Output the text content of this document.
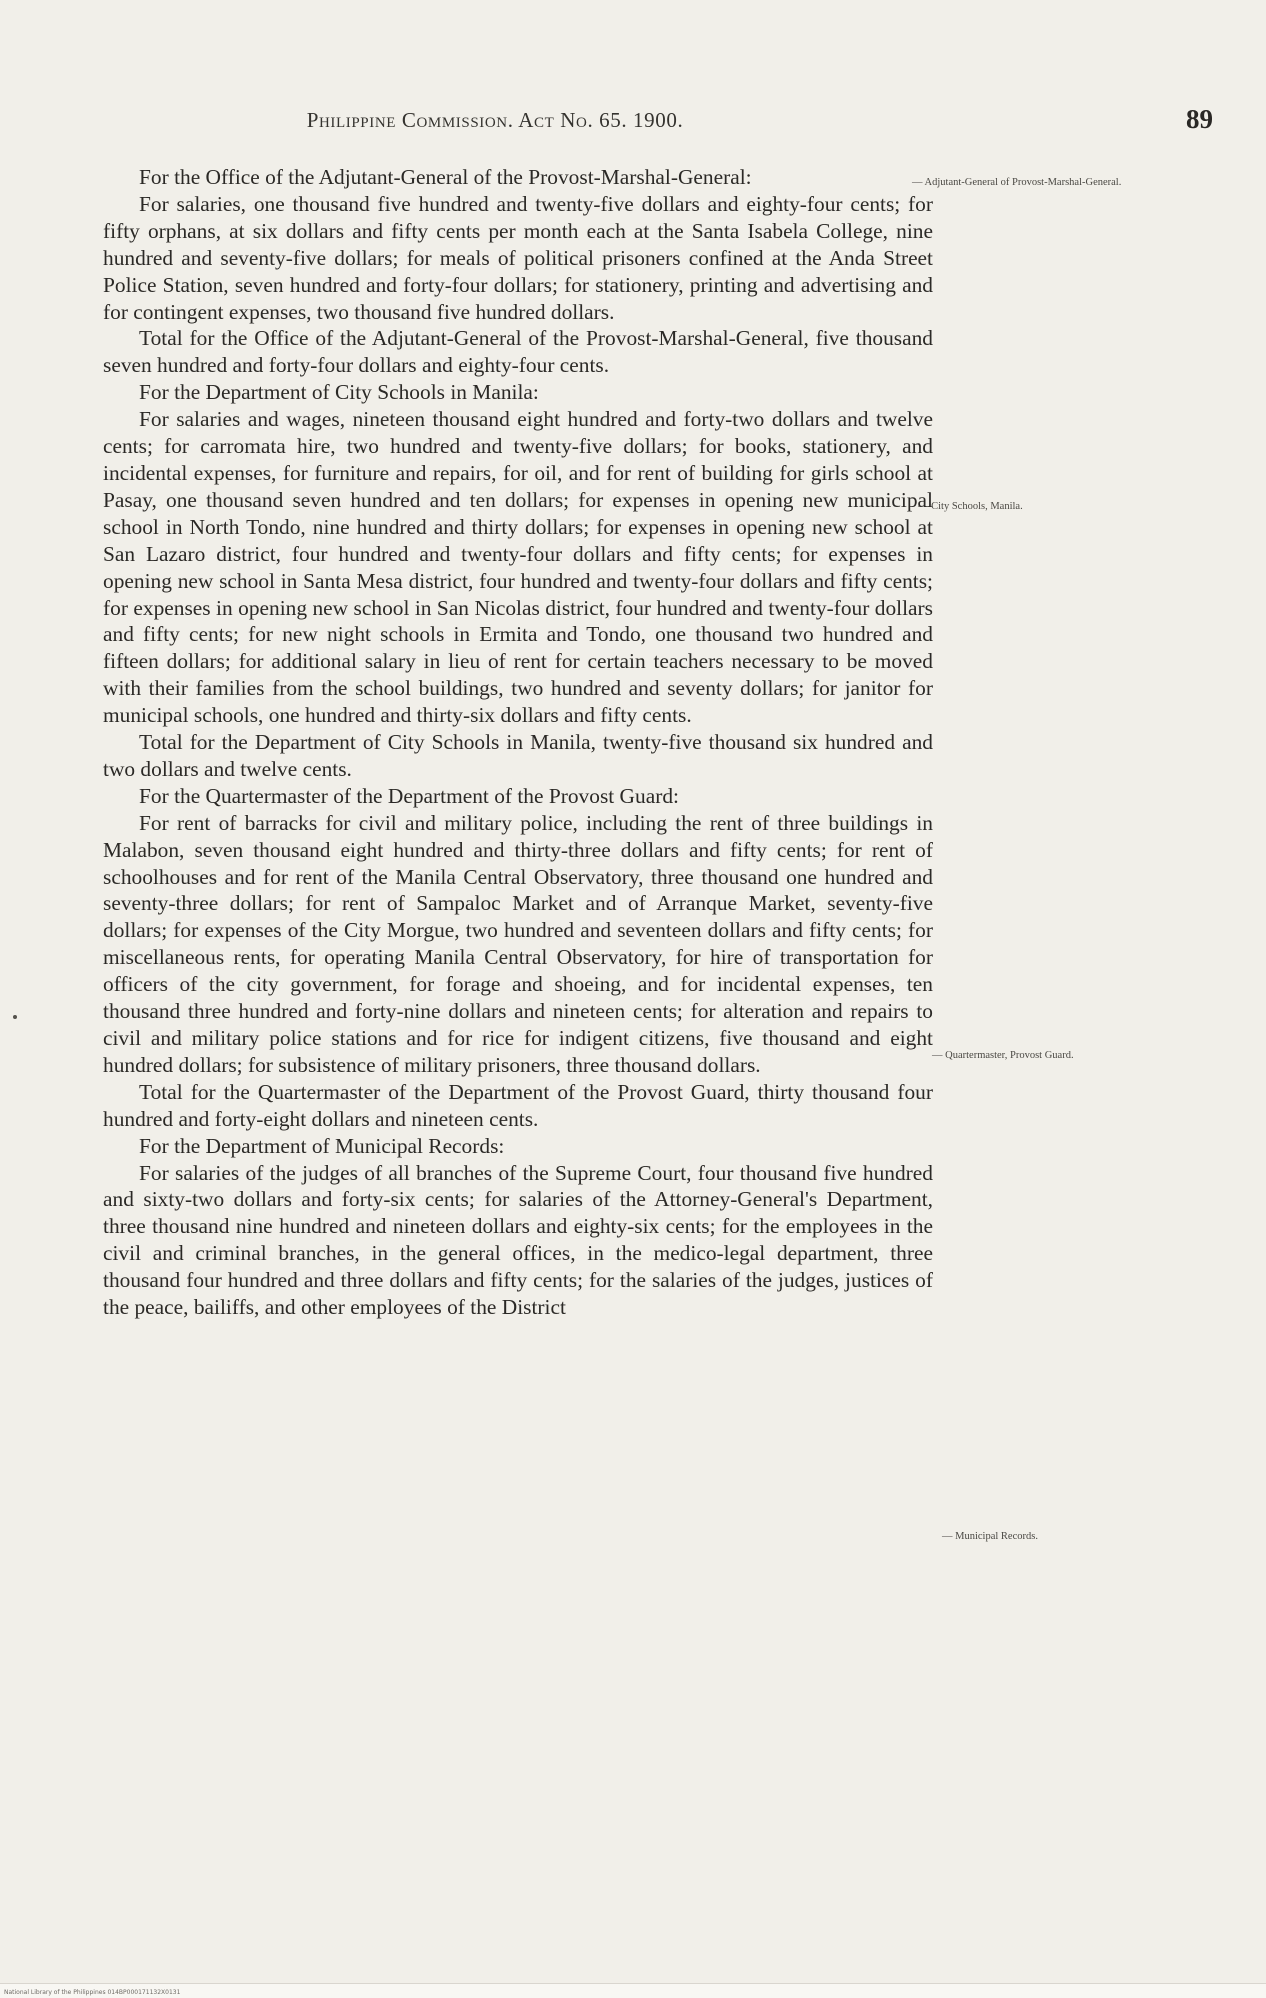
Philippine Commission. Act No. 65. 1900.	89
— Adjutant-General of Provost-Marshal-General.
— City Schools, Manila.
— Quartermaster, Provost Guard.
— Municipal Records.

For the Office of the Adjutant-General of the Provost-Marshal-General:

For salaries, one thousand five hundred and twenty-five dollars and eighty-four cents; for fifty orphans, at six dollars and fifty cents per month each at the Santa Isabela College, nine hundred and seventy-five dollars; for meals of political prisoners confined at the Anda Street Police Station, seven hundred and forty-four dollars; for stationery, printing and advertising and for contingent expenses, two thousand five hundred dollars.

Total for the Office of the Adjutant-General of the Provost-Marshal-General, five thousand seven hundred and forty-four dollars and eighty-four cents.

For the Department of City Schools in Manila:

For salaries and wages, nineteen thousand eight hundred and forty-two dollars and twelve cents; for carromata hire, two hundred and twenty-five dollars; for books, stationery, and incidental expenses, for furniture and repairs, for oil, and for rent of building for girls school at Pasay, one thousand seven hundred and ten dollars; for expenses in opening new municipal school in North Tondo, nine hundred and thirty dollars; for expenses in opening new school at San Lazaro district, four hundred and twenty-four dollars and fifty cents; for expenses in opening new school in Santa Mesa district, four hundred and twenty-four dollars and fifty cents; for expenses in opening new school in San Nicolas district, four hundred and twenty-four dollars and fifty cents; for new night schools in Ermita and Tondo, one thousand two hundred and fifteen dollars; for additional salary in lieu of rent for certain teachers necessary to be moved with their families from the school buildings, two hundred and seventy dollars; for janitor for municipal schools, one hundred and thirty-six dollars and fifty cents.

Total for the Department of City Schools in Manila, twenty-five thousand six hundred and two dollars and twelve cents.

For the Quartermaster of the Department of the Provost Guard:

For rent of barracks for civil and military police, including the rent of three buildings in Malabon, seven thousand eight hundred and thirty-three dollars and fifty cents; for rent of schoolhouses and for rent of the Manila Central Observatory, three thousand one hundred and seventy-three dollars; for rent of Sampaloc Market and of Arranque Market, seventy-five dollars; for expenses of the City Morgue, two hundred and seventeen dollars and fifty cents; for miscellaneous rents, for operating Manila Central Observatory, for hire of transportation for officers of the city government, for forage and shoeing, and for incidental expenses, ten thousand three hundred and forty-nine dollars and nineteen cents; for alteration and repairs to civil and military police stations and for rice for indigent citizens, five thousand and eight hundred dollars; for subsistence of military prisoners, three thousand dollars.

Total for the Quartermaster of the Department of the Provost Guard, thirty thousand four hundred and forty-eight dollars and nineteen cents.

For the Department of Municipal Records:

For salaries of the judges of all branches of the Supreme Court, four thousand five hundred and sixty-two dollars and forty-six cents; for salaries of the Attorney-General's Department, three thousand nine hundred and nineteen dollars and eighty-six cents; for the employees in the civil and criminal branches, in the general offices, in the medico-legal department, three thousand four hundred and three dollars and fifty cents; for the salaries of the judges, justices of the peace, bailiffs, and other employees of the District

National Library of the Philippines 014BP000171132X0131
